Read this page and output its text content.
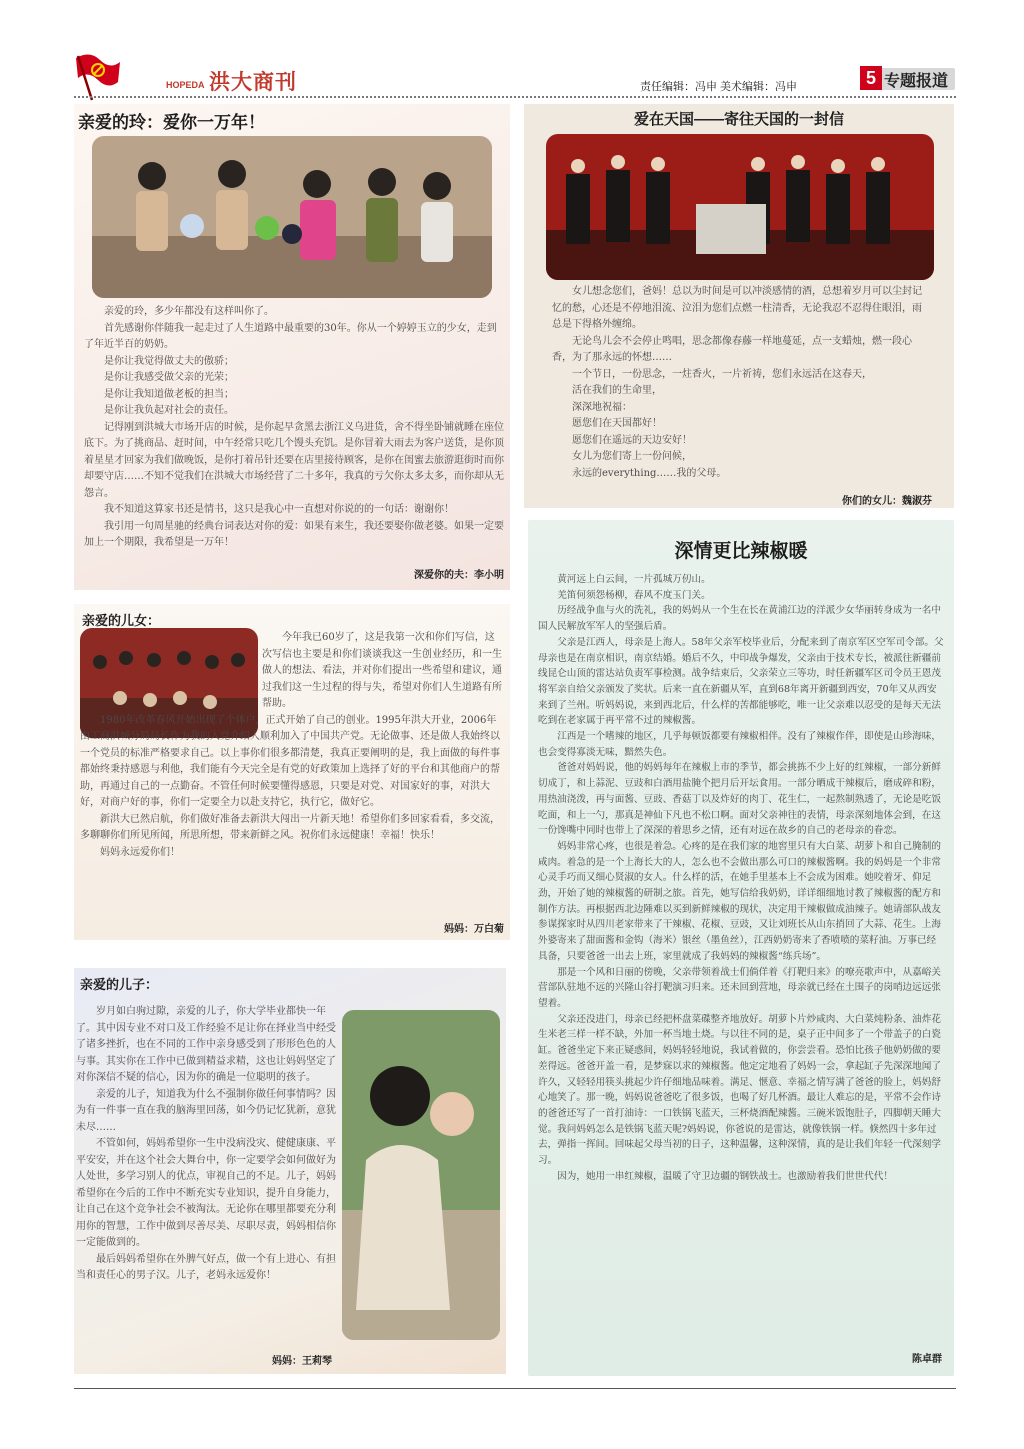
HOPEDA 洪大商刊	责任编辑：冯申 美术编辑：冯申	5 专题报道
亲爱的玲：爱你一万年！

亲爱的玲，多少年都没有这样叫你了。

首先感谢你伴随我一起走过了人生道路中最重要的30年。你从一个婷婷玉立的少女，走到了年近半百的奶奶。

是你让我觉得做丈夫的傲骄；

是你让我感受做父亲的光荣；

是你让我知道做老板的担当；

是你让我负起对社会的责任。

记得刚到洪城大市场开店的时候，是你起早贪黑去浙江义乌进货，舍不得坐卧铺就睡在座位底下。为了挑商品、赶时间，中午经常只吃几个馒头充饥。是你冒着大雨去为客户送货，是你顶着星星才回家为我们做晚饭，是你打着吊针还要在店里接待顾客，是你在闺蜜去旅游逛街时而你却要守店……不知不觉我们在洪城大市场经营了二十多年，我真的亏欠你太多太多，而你却从无怨言。

我不知道这算家书还是情书，这只是我心中一直想对你说的的一句话：谢谢你！

我引用一句周星驰的经典台词表达对你的爱：如果有来生，我还要娶你做老婆。如果一定要加上一个期限，我希望是一万年！

深爱你的夫：李小明
亲爱的儿女：

今年我已60岁了，这是我第一次和你们写信，这次写信也主要是和你们谈谈我这一生创业经历，和一生做人的想法、看法，并对你们提出一些希望和建议，通过我们这一生过程的得与失，希望对你们人生道路有所帮助。

1980年改革春风开始出现了个体户，正式开始了自己的创业。1995年洪大开业，2006年由工商洪城分局局长作为我的入党介绍人顺利加入了中国共产党。无论做事、还是做人我始终以一个党员的标准严格要求自己。以上事你们很多都清楚，我真正要阐明的是，我上面做的每件事都始终秉持感恩与利他，我们能有今天完全是有党的好政策加上选择了好的平台和其他商户的帮助，再通过自己的一点勤奋。不管任何时候要懂得感恩，只要是对党、对国家好的事，对洪大好，对商户好的事，你们一定要全力以赴支持它，执行它，做好它。

新洪大已然启航，你们做好准备去新洪大闯出一片新天地！希望你们多回家看看，多交流，多聊聊你们所见所闻，所思所想，带来新鲜之风。祝你们永远健康！幸福！快乐！

妈妈永远爱你们！

妈妈：万白菊
亲爱的儿子：

岁月如白驹过隙，亲爱的儿子，你大学毕业都快一年了。其中因专业不对口及工作经验不足让你在择业当中经受了诸多挫折，也在不同的工作中亲身感受到了形形色色的人与事。其实你在工作中已做到精益求精，这也让妈妈坚定了对你深信不疑的信心，因为你的确是一位聪明的孩子。

亲爱的儿子，知道我为什么不强制你做任何事情吗？因为有一件事一直在我的脑海里回荡，如今仍记忆犹新，意犹未尽……

不管如何，妈妈希望你一生中没病没灾、健健康康、平平安安，并在这个社会大舞台中，你一定要学会如何做好为人处世，多学习别人的优点，审视自己的不足。儿子，妈妈希望你在今后的工作中不断充实专业知识，提升自身能力，让自己在这个竞争社会不被淘汰。无论你在哪里都要充分利用你的智慧，工作中做到尽善尽美、尽职尽责，妈妈相信你一定能做到的。

最后妈妈希望你在外脾气好点，做一个有上进心、有担当和责任心的男子汉。儿子，老妈永远爱你！

妈妈：王莉琴
爱在天国——寄往天国的一封信

女儿想念您们，爸妈！总以为时间是可以冲淡感情的酒，总想着岁月可以尘封记忆的愁，心还是不停地泪流、泣泪为您们点燃一柱清香，无论我忍不忍得住眼泪，雨总是下得格外缠绵。

无论鸟儿会不会停止鸣唱，思念都像春藤一样地蔓延，点一支蜡烛，燃一段心香，为了那永远的怀想……

一个节日，一份思念，一炷香火，一片祈祷，您们永远活在这春天，

活在我们的生命里，

深深地祝福：

愿您们在天国都好！

愿您们在遥远的天边安好！

女儿为您们寄上一份问候，

永远的everything……我的父母。

你们的女儿：魏淑芬
深情更比辣椒暖

黄河远上白云间，一片孤城万仞山。

羌笛何须怨杨柳，春风不度玉门关。

历经战争血与火的洗礼，我的妈妈从一个生在长在黄浦江边的洋派少女华丽转身成为一名中国人民解放军军人的坚强后盾。

父亲是江西人，母亲是上海人。58年父亲军校毕业后，分配来到了南京军区空军司令部。父母亲也是在南京相识，南京结婚。婚后不久，中印战争爆发，父亲由于技术专长，被派往新疆前线昆仑山顶的雷达站负责军事检测。战争结束后，父亲荣立三等功，时任新疆军区司令员王恩茂将军亲自给父亲颁发了奖状。后来一直在新疆从军，直到68年离开新疆到西安，70年又从西安来到了兰州。听妈妈说，来到西北后，什么样的苦都能够吃，唯一让父亲难以忍受的是每天无法吃到在老家属于再平常不过的辣椒酱。

江西是一个嗜辣的地区，几乎每顿饭都要有辣椒相伴。没有了辣椒作伴，即使是山珍海味，也会变得寡淡无味，黯然失色。

爸爸对妈妈说，他的妈妈每年在辣椒上市的季节，都会挑拣不少上好的红辣椒，一部分新鲜切成丁，和上蒜泥、豆豉和白酒用盐腌个把月后开坛食用。一部分晒成干辣椒后，磨成碎和粉，用热油浇泼，再与面酱、豆豉、香菇丁以及炸好的肉丁、花生仁，一起熬制熟透了，无论是吃饭吃面，和上一勺，那真是神仙下凡也不松口啊。面对父亲神往的表情，母亲深刻地体会到，在这一份馋嘴中同时也带上了深深的着思乡之情，还有对远在故乡的自己的老母亲的眷恋。

妈妈非常心疼，也很是着急。心疼的是在我们家的地窖里只有大白菜、胡萝卜和自己腌制的咸肉。着急的是一个上海长大的人，怎么也不会做出那么可口的辣椒酱啊。我的妈妈是一个非常心灵手巧而又细心贤淑的女人。什么样的活，在她手里基本上不会成为困难。她咬着牙、仰足劲，开始了她的辣椒酱的研制之旅。首先，她写信给我奶奶，详详细细地讨教了辣椒酱的配方和制作方法。再根据西北边陲难以买到新鲜辣椒的现状，决定用干辣椒做成油辣子。她请部队战友参谋探家时从四川老家带来了干辣椒、花椒、豆豉，又让刘班长从山东捎回了大蒜、花生。上海外婆寄来了甜面酱和金钩（海米）银丝（墨鱼丝），江西奶奶寄来了香喷喷的菜籽油。万事已经具备，只要爸爸一出去上班，家里就成了我妈妈的辣椒酱“练兵场”。

那是一个风和日丽的傍晚，父亲带领着战士们倘佯着《打靶归来》的嘹亮歌声中，从嘉峪关营部队驻地不远的兴隆山谷打靶演习归来。还未回到营地，母亲就已经在土围子的岗哨边远远张望着。

父亲还没进门，母亲已经把杯盘菜碟整齐地放好。胡萝卜片炒咸肉、大白菜炖粉条、油炸花生米老三样一样不缺，外加一杯当地土烧。与以往不同的是，桌子正中间多了一个带盖子的白瓷缸。爸爸坐定下来正疑惑间，妈妈轻轻地说，我试着做的，你尝尝看。恐怕比孩子他奶奶做的要差得远。爸爸开盖一看，是梦寐以求的辣椒酱。他定定地看了妈妈一会，拿起缸子先深深地闻了许久，又轻轻用筷头挑起少许仔细地品味着。满足、惬意、幸福之情写满了爸爸的脸上，妈妈舒心地笑了。那一晚，妈妈说爸爸吃了很多饭，也喝了好几杯酒。最让人难忘的是，平常不会作诗的爸爸还写了一首打油诗：一口铁锅飞蓝天，三杯烧酒配辣酱。三碗米饭饱肚子，四脚朝天睡大觉。我问妈妈怎么是铁锅飞蓝天呢?妈妈说，你爸说的是雷达，就像铁锅一样。倏然四十多年过去，弹指一挥间。回味起父母当初的日子，这种温馨，这种深情，真的是让我们年轻一代深刻学习。

因为，她用一串红辣椒，温暖了守卫边疆的钢铁战士。也激励着我们世世代代！

陈卓群
